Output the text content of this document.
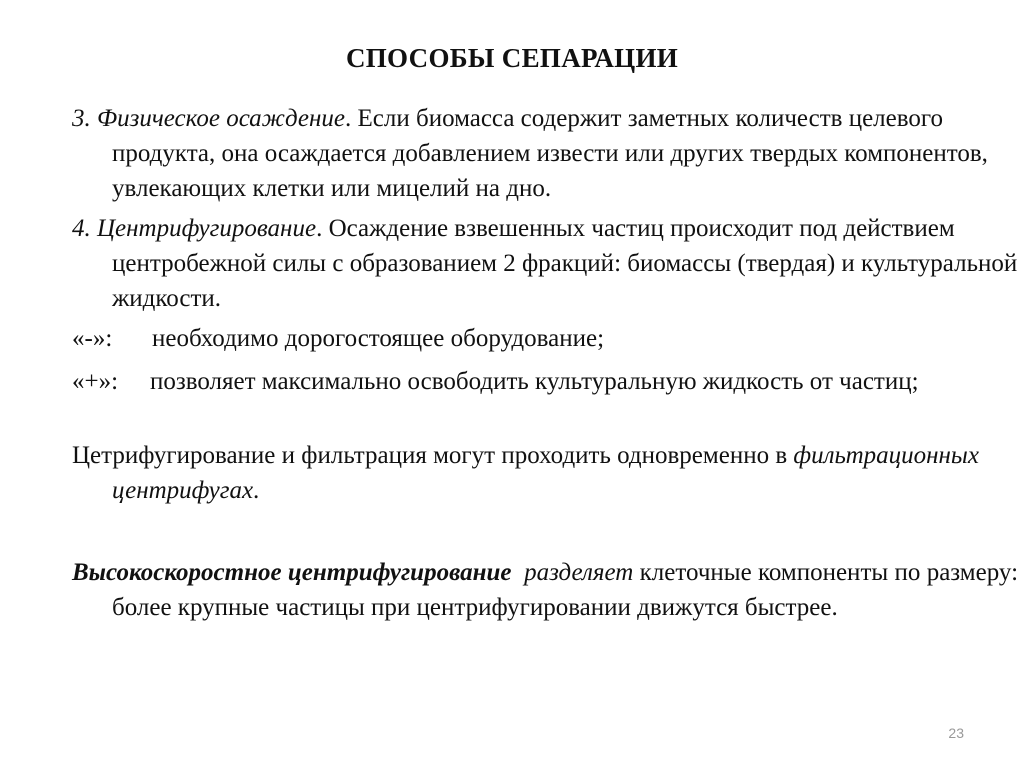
СПОСОБЫ СЕПАРАЦИИ

3. Физическое осаждение. Если биомасса содержит заметных количеств целевого продукта, она осаждается добавлением извести или других твердых компонентов, увлекающих клетки или мицелий на дно.

4. Центрифугирование. Осаждение взвешенных частиц происходит под действием центробежной силы с образованием 2 фракций: биомассы (твердая) и культуральной жидкости.

«-»: необходимо дорогостоящее оборудование;

«+»: позволяет максимально освободить культуральную жидкость от частиц;

Цетрифугирование и фильтрация могут проходить одновременно в фильтрационных центрифугах.

Высокоскоростное центрифугирование разделяет клеточные компоненты по размеру: более крупные частицы при центрифугировании движутся быстрее.

23
